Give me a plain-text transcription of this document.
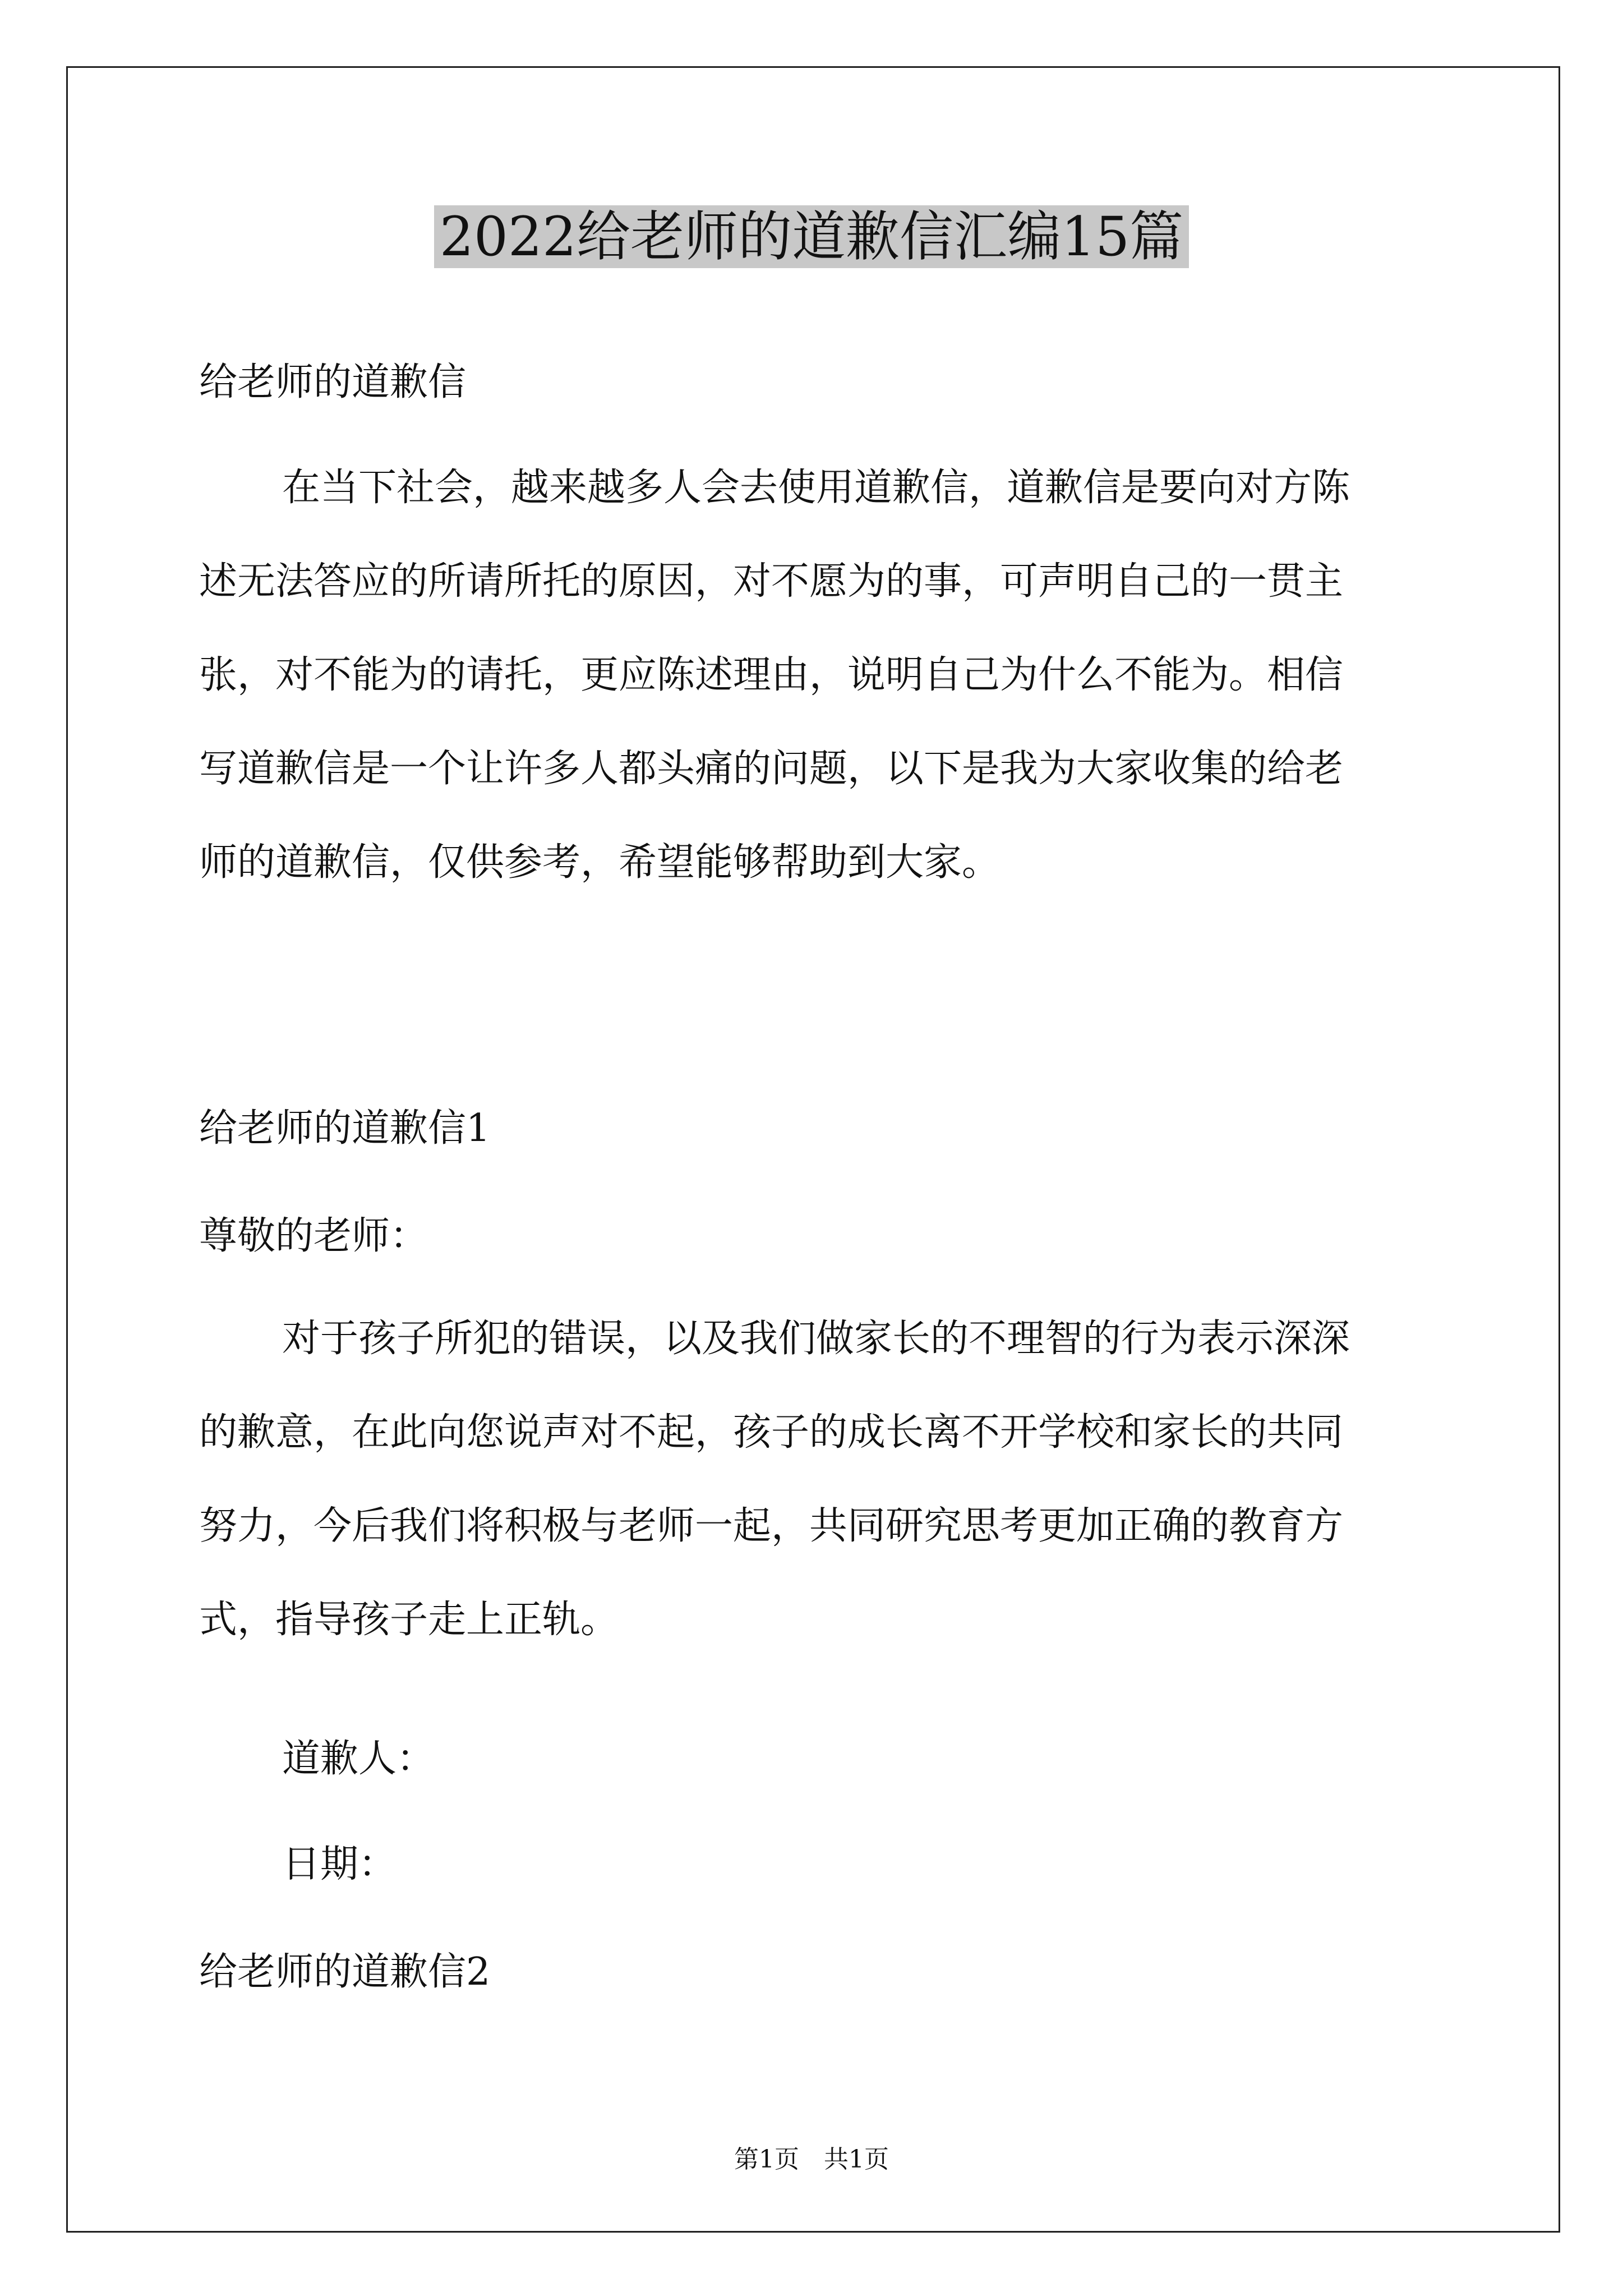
2022给老师的道歉信汇编15篇

给老师的道歉信

在当下社会，越来越多人会去使用道歉信，道歉信是要向对方陈
述无法答应的所请所托的原因，对不愿为的事，可声明自己的一贯主
张，对不能为的请托，更应陈述理由，说明自己为什么不能为。相信
写道歉信是一个让许多人都头痛的问题，以下是我为大家收集的给老
师的道歉信，仅供参考，希望能够帮助到大家。

给老师的道歉信1

尊敬的老师：

对于孩子所犯的错误，以及我们做家长的不理智的行为表示深深
的歉意，在此向您说声对不起，孩子的成长离不开学校和家长的共同
努力，今后我们将积极与老师一起，共同研究思考更加正确的教育方
式，指导孩子走上正轨。

道歉人：

日期：

给老师的道歉信2

第1页　共1页
